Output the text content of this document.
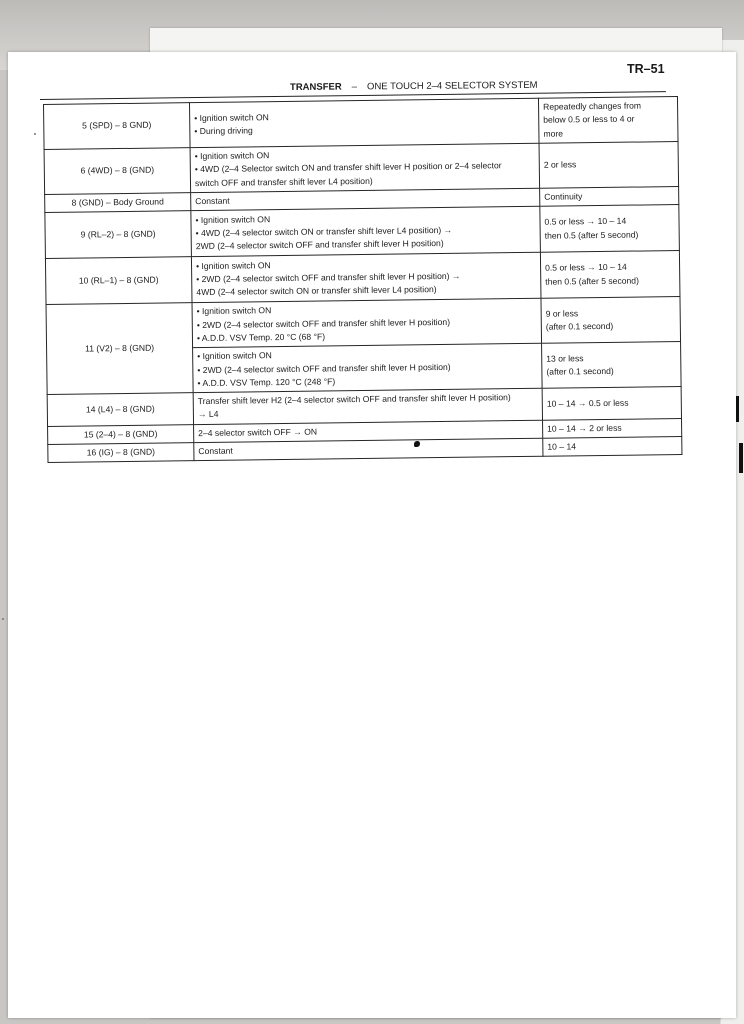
TR–51
TRANSFER – ONE TOUCH 2–4 SELECTOR SYSTEM
5 (SPD) – 8 GND)	• Ignition switch ON
• During driving	Repeatedly changes from
below 0.5 or less to 4 or
more

6 (4WD) – 8 (GND)	• Ignition switch ON
• 4WD (2–4 Selector switch ON and transfer shift lever H position or 2–4 selector
switch OFF and transfer shift lever L4 position)	2 or less

8 (GND) – Body Ground	Constant	Continuity

9 (RL–2) – 8 (GND)	• Ignition switch ON
• 4WD (2–4 selector switch ON or transfer shift lever L4 position) →
2WD (2–4 selector switch OFF and transfer shift lever H position)	0.5 or less → 10 – 14
then 0.5 (after 5 second)

10 (RL–1) – 8 (GND)	• Ignition switch ON
• 2WD (2–4 selector switch OFF and transfer shift lever H position) →
4WD (2–4 selector switch ON or transfer shift lever L4 position)	0.5 or less → 10 – 14
then 0.5 (after 5 second)

11 (V2) – 8 (GND)	• Ignition switch ON
• 2WD (2–4 selector switch OFF and transfer shift lever H position)
• A.D.D. VSV Temp. 20 °C (68 °F)	9 or less
(after 0.1 second)

	• Ignition switch ON
• 2WD (2–4 selector switch OFF and transfer shift lever H position)
• A.D.D. VSV Temp. 120 °C (248 °F)	13 or less
(after 0.1 second)

14 (L4) – 8 (GND)	Transfer shift lever H2 (2–4 selector switch OFF and transfer shift lever H position)
→ L4	10 – 14 → 0.5 or less

15 (2–4) – 8 (GND)	2–4 selector switch OFF → ON	10 – 14 → 2 or less

16 (IG) – 8 (GND)	Constant	10 – 14
